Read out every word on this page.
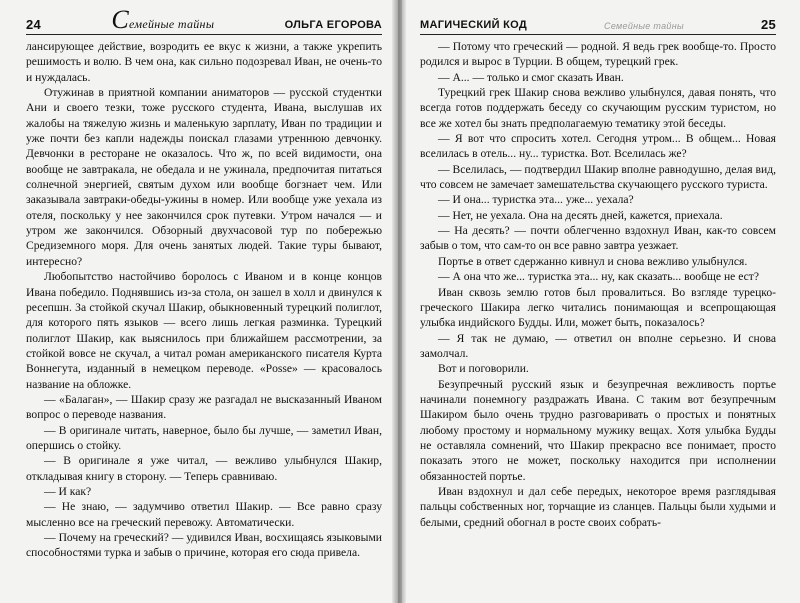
24	Семейные тайны	ОЛЬГА ЕГОРОВА

лансирующее действие, возродить ее вкус к жизни, а также укрепить решимость и волю. В чем она, как сильно подозревал Иван, не очень-то и нуждалась.

Отужинав в приятной компании аниматоров — русской студентки Ани и своего тезки, тоже русского студента, Ивана, выслушав их жалобы на тяжелую жизнь и маленькую зарплату, Иван по традиции и уже почти без капли надежды поискал глазами утреннюю девчонку. Девчонки в ресторане не оказалось. Что ж, по всей видимости, она вообще не завтракала, не обедала и не ужинала, предпочитая питаться солнечной энергией, святым духом или вообще богзнает чем. Или заказывала завтраки-обеды-ужины в номер. Или вообще уже уехала из отеля, поскольку у нее закончился срок путевки. Утром начался — и утром же закончился. Обзорный двухчасовой тур по побережью Средиземного моря. Для очень занятых людей. Такие туры бывают, интересно?

Любопытство настойчиво боролось с Иваном и в конце концов Ивана победило. Поднявшись из-за стола, он зашел в холл и двинулся к ресепшн. За стойкой скучал Шакир, обыкновенный турецкий полиглот, для которого пять языков — всего лишь легкая разминка. Турецкий полиглот Шакир, как выяснилось при ближайшем рассмотрении, за стойкой вовсе не скучал, а читал роман американского писателя Курта Воннегута, изданный в немецком переводе. «Posse» — красовалось название на обложке.

— «Балаган», — Шакир сразу же разгадал не высказанный Иваном вопрос о переводе названия.

— В оригинале читать, наверное, было бы лучше, — заметил Иван, опершись о стойку.

— В оригинале я уже читал, — вежливо улыбнулся Шакир, откладывая книгу в сторону. — Теперь сравниваю.

— И как?

— Не знаю, — задумчиво ответил Шакир. — Все равно сразу мысленно все на греческий перевожу. Автоматически.

— Почему на греческий? — удивился Иван, восхищаясь языковыми способностями турка и забыв о причине, которая его сюда привела.

МАГИЧЕСКИЙ КОД	Семейные тайны	25

— Потому что греческий — родной. Я ведь грек вообще-то. Просто родился и вырос в Турции. В общем, турецкий грек.

— А... — только и смог сказать Иван.

Турецкий грек Шакир снова вежливо улыбнулся, давая понять, что всегда готов поддержать беседу со скучающим русским туристом, но все же хотел бы знать предполагаемую тематику этой беседы.

— Я вот что спросить хотел. Сегодня утром... В общем... Новая вселилась в отель... ну... туристка. Вот. Вселилась же?

— Вселилась, — подтвердил Шакир вполне равнодушно, делая вид, что совсем не замечает замешательства скучающего русского туриста.

— И она... туристка эта... уже... уехала?

— Нет, не уехала. Она на десять дней, кажется, приехала.

— На десять? — почти облегченно вздохнул Иван, как-то совсем забыв о том, что сам-то он все равно завтра уезжает.

Портье в ответ сдержанно кивнул и снова вежливо улыбнулся.

— А она что же... туристка эта... ну, как сказать... вообще не ест?

Иван сквозь землю готов был провалиться. Во взгляде турецко-греческого Шакира легко читались понимающая и всепрощающая улыбка индийского Будды. Или, может быть, показалось?

— Я так не думаю, — ответил он вполне серьезно. И снова замолчал.

Вот и поговорили.

Безупречный русский язык и безупречная вежливость портье начинали понемногу раздражать Ивана. С таким вот безупречным Шакиром было очень трудно разговаривать о простых и понятных любому простому и нормальному мужику вещах. Хотя улыбка Будды не оставляла сомнений, что Шакир прекрасно все понимает, просто показать этого не может, поскольку находится при исполнении обязанностей портье.

Иван вздохнул и дал себе передых, некоторое время разглядывая пальцы собственных ног, торчащие из сланцев. Пальцы были худыми и белыми, средний обогнал в росте своих собрать-
